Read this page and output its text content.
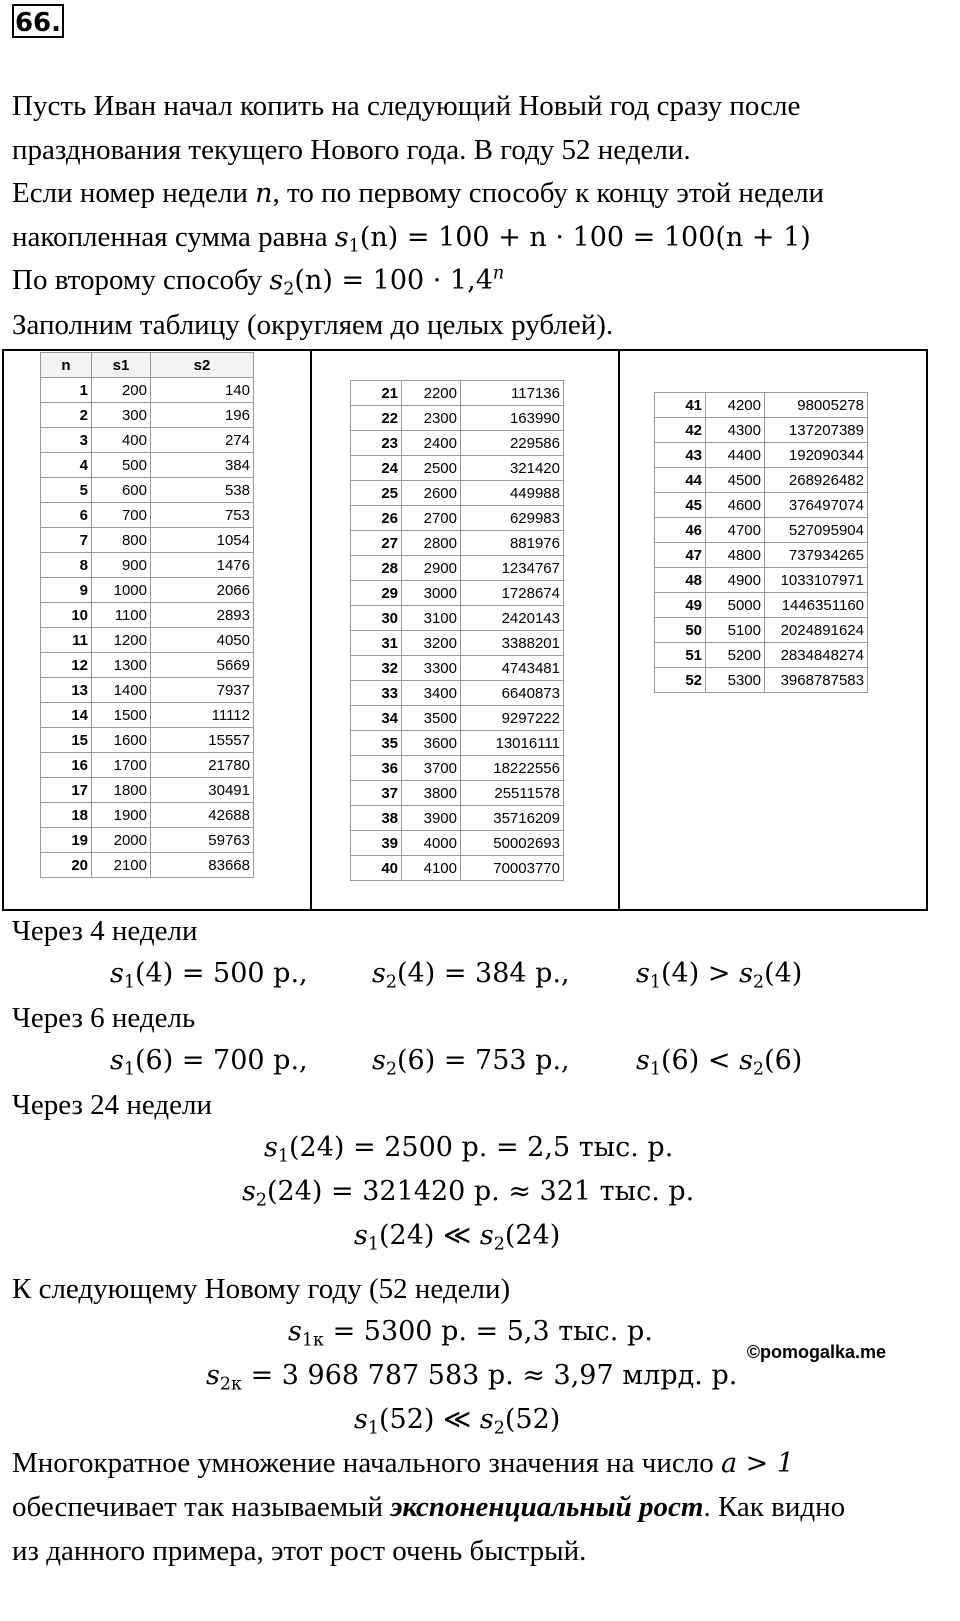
66.
Пусть Иван начал копить на следующий Новый год сразу после
празднования текущего Нового года. В году 52 недели.
Если номер недели n, то по первому способу к концу этой недели
накопленная сумма равна $s_1(n) = 100 + n \cdot 100 = 100(n + 1)$
По второму способу $s_2(n) = 100 \cdot 1,4^n$
Заполним таблицу (округляем до целых рублей).
n	s1	s2
1	200	140
2	300	196
3	400	274
4	500	384
5	600	538
6	700	753
7	800	1054
8	900	1476
9	1000	2066
10	1100	2893
11	1200	4050
12	1300	5669
13	1400	7937
14	1500	11112
15	1600	15557
16	1700	21780
17	1800	30491
18	1900	42688
19	2000	59763
20	2100	83668
21	2200	117136
22	2300	163990
23	2400	229586
24	2500	321420
25	2600	449988
26	2700	629983
27	2800	881976
28	2900	1234767
29	3000	1728674
30	3100	2420143
31	3200	3388201
32	3300	4743481
33	3400	6640873
34	3500	9297222
35	3600	13016111
36	3700	18222556
37	3800	25511578
38	3900	35716209
39	4000	50002693
40	4100	70003770
41	4200	98005278
42	4300	137207389
43	4400	192090344
44	4500	268926482
45	4600	376497074
46	4700	527095904
47	4800	737934265
48	4900	1033107971
49	5000	1446351160
50	5100	2024891624
51	5200	2834848274
52	5300	3968787583
Через 4 недели
$s_1(4) = 500$ р., $s_2(4) = 384$ р., $s_1(4) > s_2(4)$
Через 6 недель
$s_1(6) = 700$ р., $s_2(6) = 753$ р., $s_1(6) < s_2(6)$
Через 24 недели
$s_1(24) = 2500$ р. = 2,5 тыс. р.
$s_2(24) = 321420$ р. ≈ 321 тыс. р.
$s_1(24)$ ≪ $s_2(24)$
К следующему Новому году (52 недели)
$s_{1к} = 5300$ р. = 5,3 тыс. р.
©pomogalka.me
$s_{2к} = 3$ 968 787 583 р. ≈ 3,97 млрд. р.
$s_1(52)$ ≪ $s_2(52)$
Многократное умножение начального значения на число a > 1
обеспечивает так называемый экспоненциальный рост. Как видно
из данного примера, этот рост очень быстрый.
